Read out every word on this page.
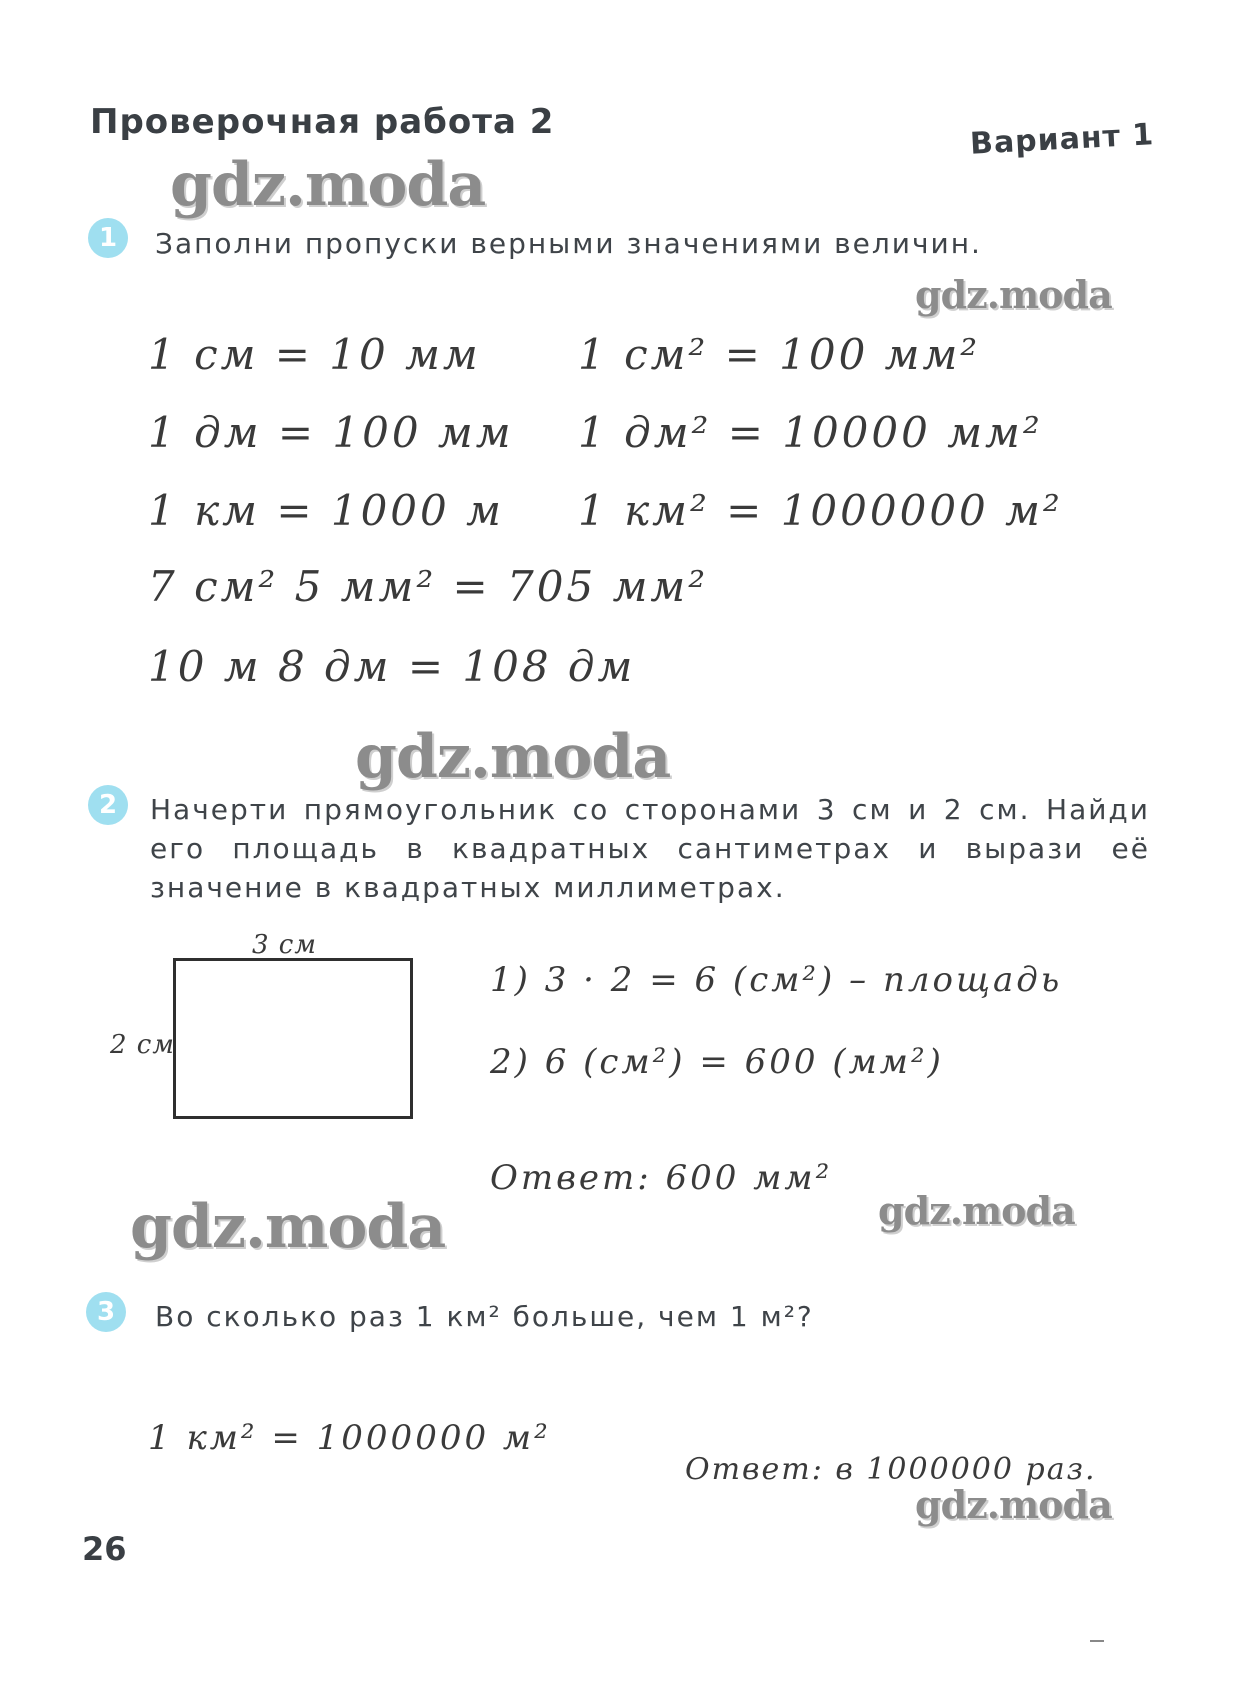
Проверочная работа 2	Вариант 1
gdz.moda
gdz.moda
gdz.moda
gdz.moda	gdz.moda
gdz.moda
1	Заполни пропуски верными значениями величин.
1 см = 10 мм 1 см² = 100 мм²
1 дм = 100 мм 1 дм² = 10000 мм²
1 км = 1000 м 1 км² = 1000000 м²
7 см² 5 мм² = 705 мм²
10 м 8 дм = 108 дм
2	Начерти прямоугольник со сторонами 3 см и 2 см. Найди его площадь в квадратных сантиметрах и вырази её значение в квадратных миллиметрах.
3 см
2 см
1) 3 · 2 = 6 (см²) – площадь
2) 6 (см²) = 600 (мм²)
Ответ: 600 мм²
3	Во сколько раз 1 км² больше, чем 1 м²?
1 км² = 1000000 м²
Ответ: в 1000000 раз.
26
